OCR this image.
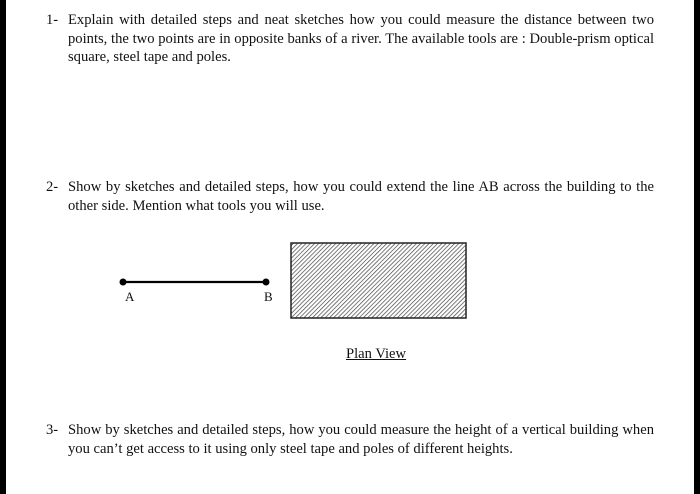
1- Explain with detailed steps and neat sketches how you could measure the distance between two points, the two points are in opposite banks of a river. The available tools are : Double-prism optical square, steel tape and poles.

2- Show by sketches and detailed steps, how you could extend the line AB across the building to the other side. Mention what tools you will use.

A	B
Plan View
3- Show by sketches and detailed steps, how you could measure the height of a vertical building when you can’t get access to it using only steel tape and poles of different heights.
